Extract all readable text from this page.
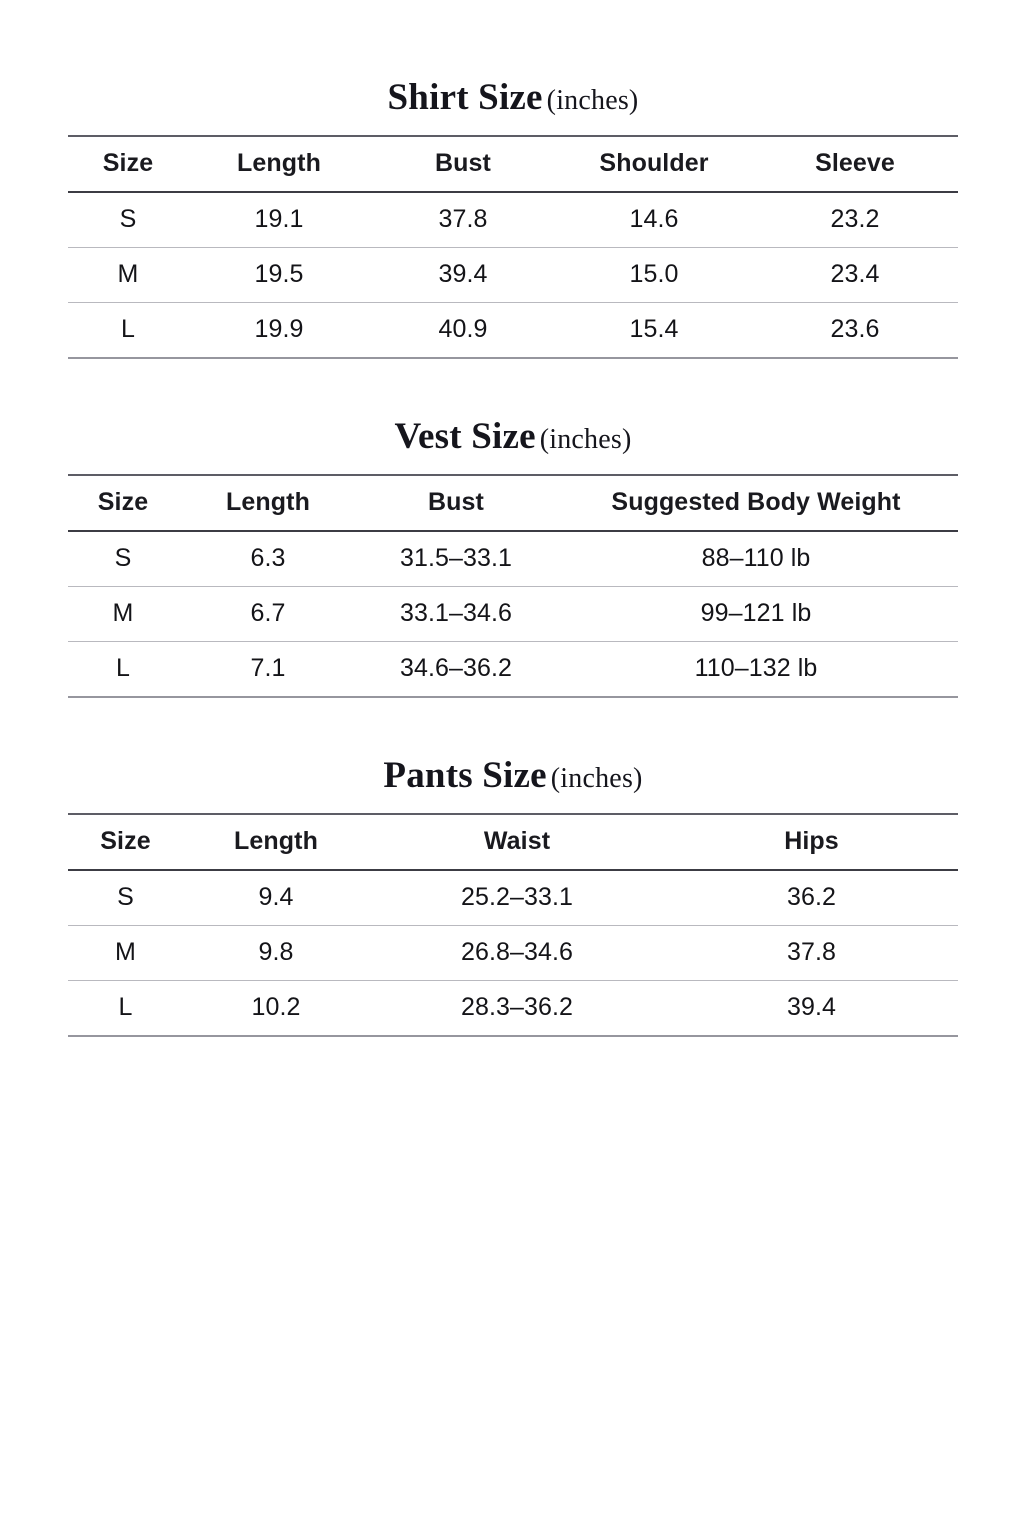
Shirt Size (inches)
Size	Length	Bust	Shoulder	Sleeve
S	19.1	37.8	14.6	23.2
M	19.5	39.4	15.0	23.4
L	19.9	40.9	15.4	23.6
Vest Size (inches)
Size	Length	Bust	Suggested Body Weight
S	6.3	31.5–33.1	88–110 lb
M	6.7	33.1–34.6	99–121 lb
L	7.1	34.6–36.2	110–132 lb
Pants Size (inches)
Size	Length	Waist	Hips
S	9.4	25.2–33.1	36.2
M	9.8	26.8–34.6	37.8
L	10.2	28.3–36.2	39.4
